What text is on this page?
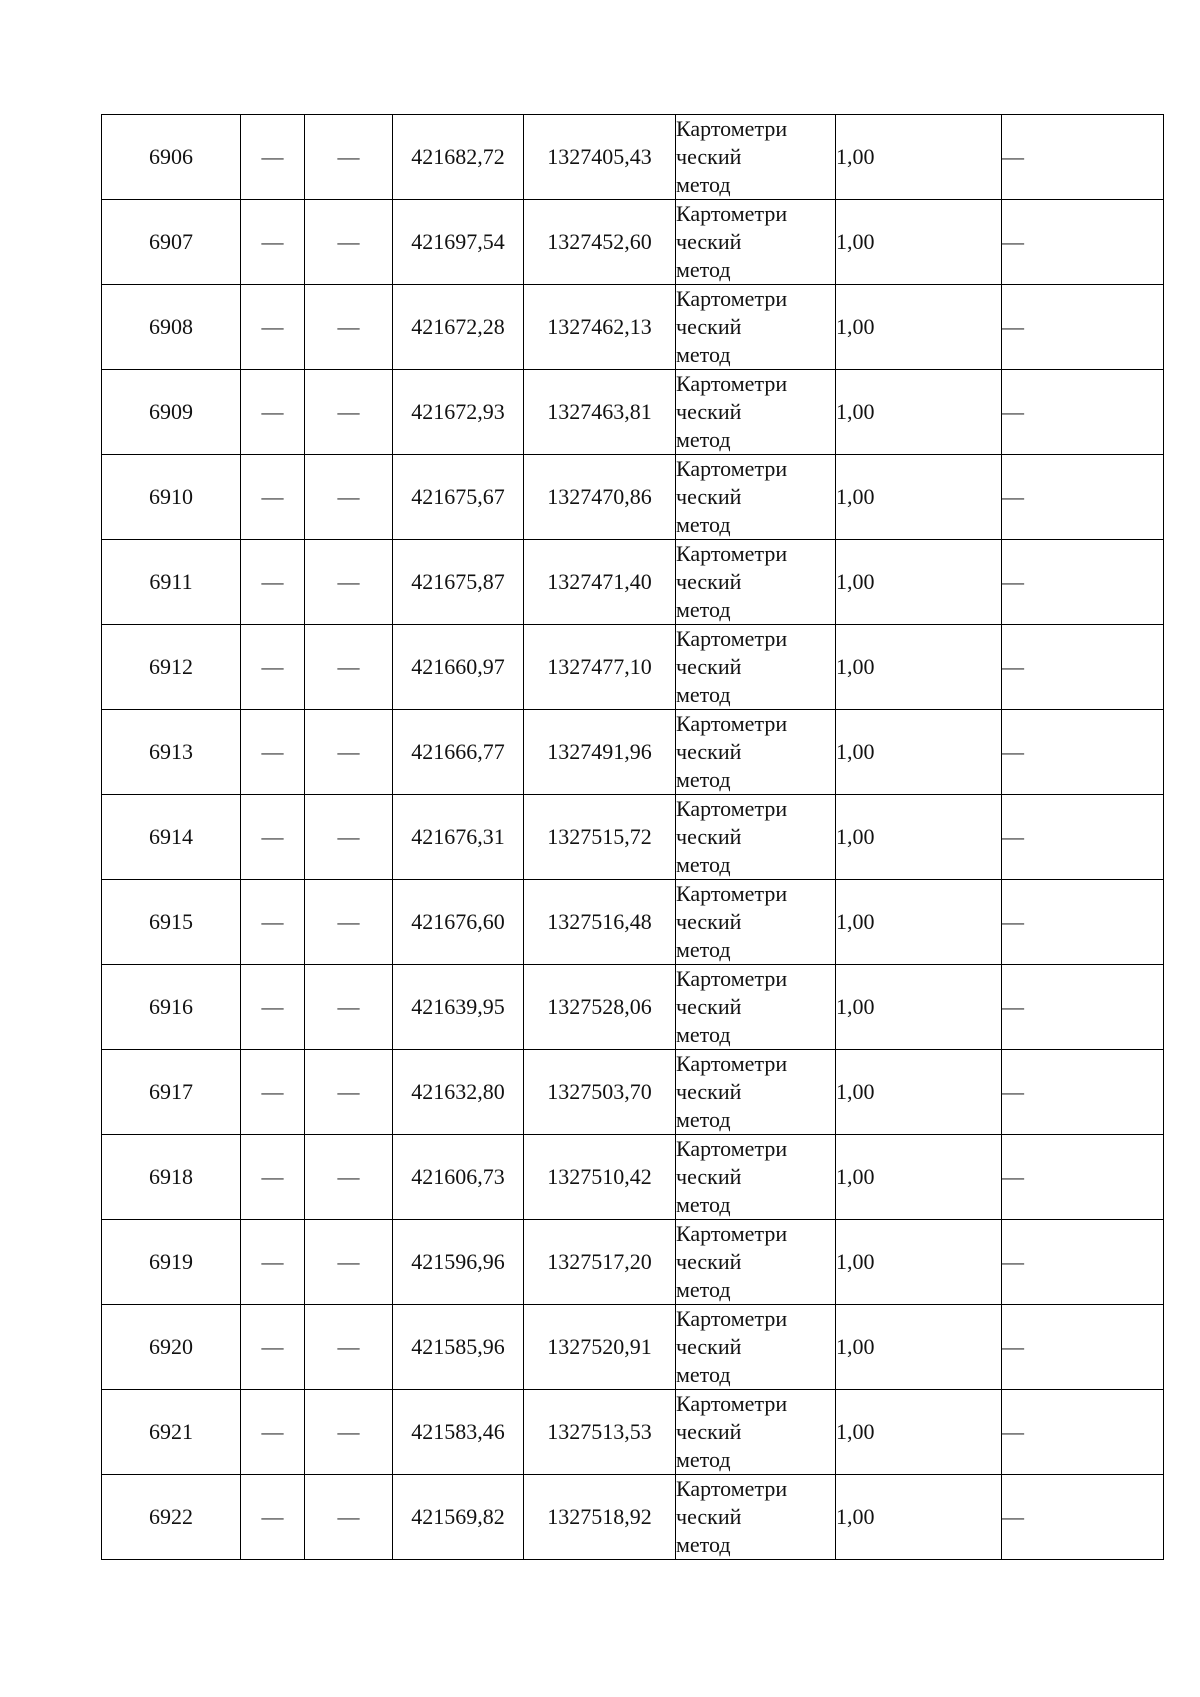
6906	—	—	421682,72	1327405,43	Картометри
ческий
метод	1,00	—
6907	—	—	421697,54	1327452,60	Картометри
ческий
метод	1,00	—
6908	—	—	421672,28	1327462,13	Картометри
ческий
метод	1,00	—
6909	—	—	421672,93	1327463,81	Картометри
ческий
метод	1,00	—
6910	—	—	421675,67	1327470,86	Картометри
ческий
метод	1,00	—
6911	—	—	421675,87	1327471,40	Картометри
ческий
метод	1,00	—
6912	—	—	421660,97	1327477,10	Картометри
ческий
метод	1,00	—
6913	—	—	421666,77	1327491,96	Картометри
ческий
метод	1,00	—
6914	—	—	421676,31	1327515,72	Картометри
ческий
метод	1,00	—
6915	—	—	421676,60	1327516,48	Картометри
ческий
метод	1,00	—
6916	—	—	421639,95	1327528,06	Картометри
ческий
метод	1,00	—
6917	—	—	421632,80	1327503,70	Картометри
ческий
метод	1,00	—
6918	—	—	421606,73	1327510,42	Картометри
ческий
метод	1,00	—
6919	—	—	421596,96	1327517,20	Картометри
ческий
метод	1,00	—
6920	—	—	421585,96	1327520,91	Картометри
ческий
метод	1,00	—
6921	—	—	421583,46	1327513,53	Картометри
ческий
метод	1,00	—
6922	—	—	421569,82	1327518,92	Картометри
ческий
метод	1,00	—
